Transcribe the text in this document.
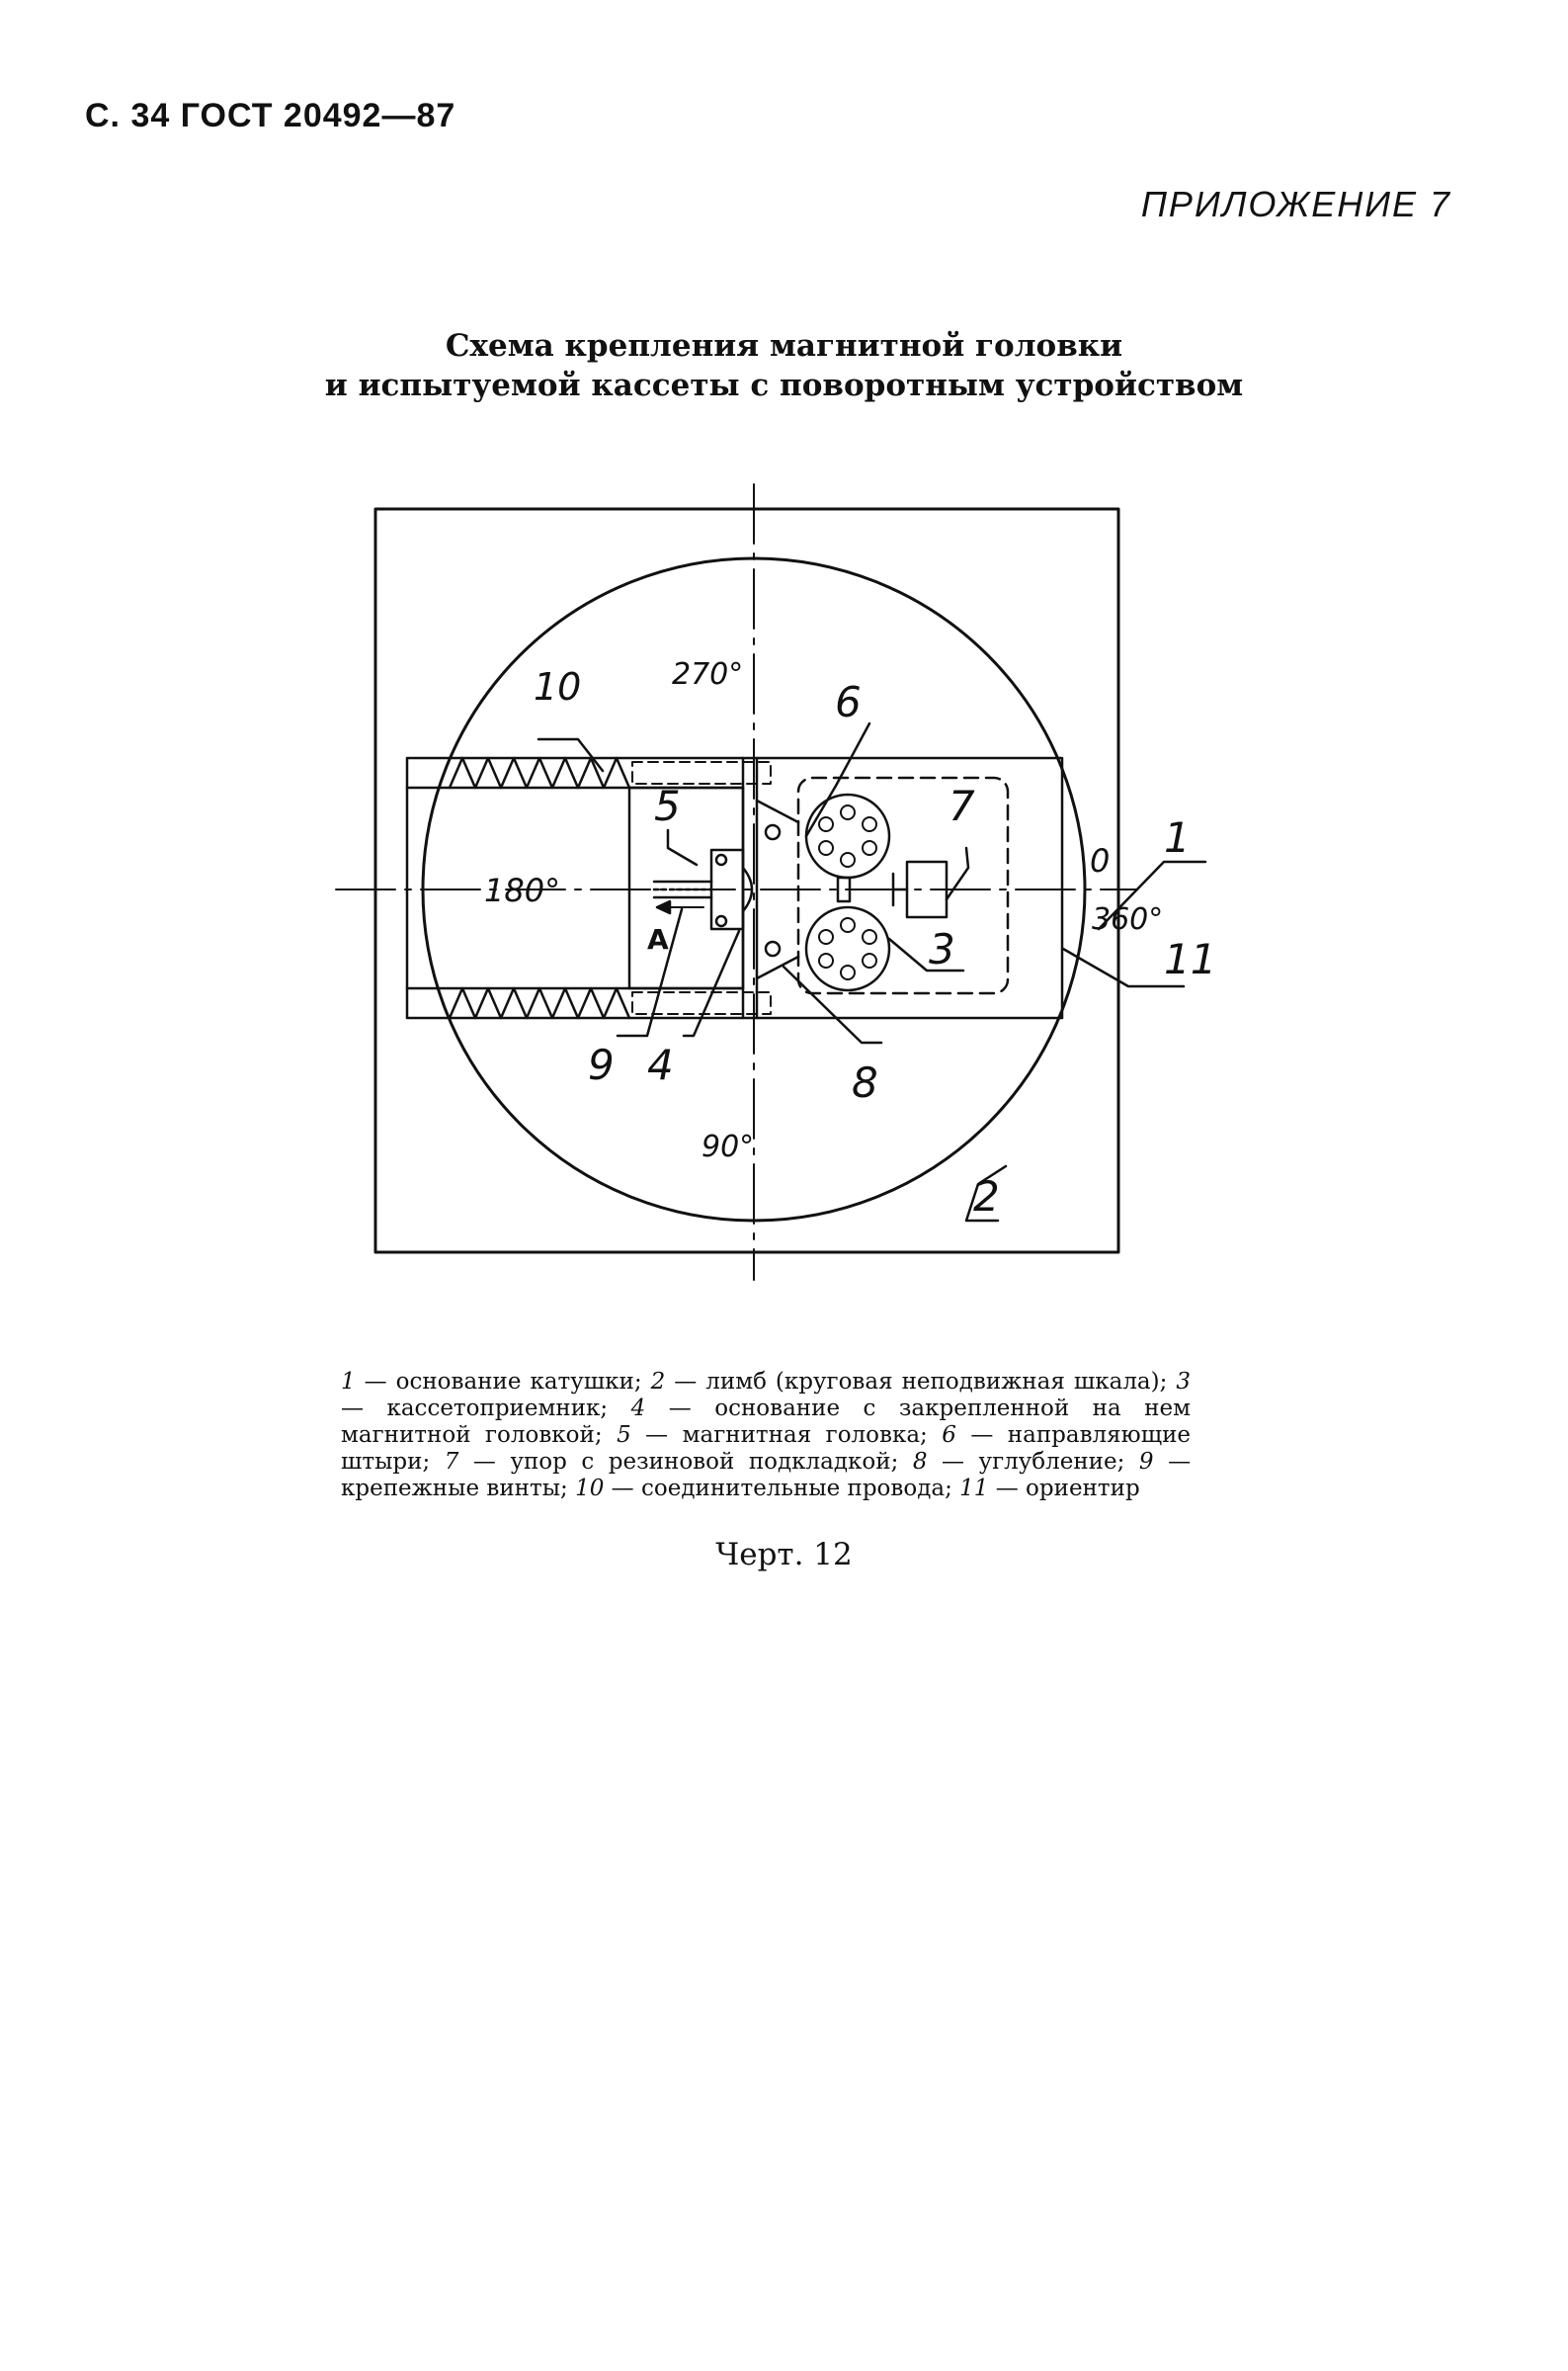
С. 34 ГОСТ 20492—87
ПРИЛОЖЕНИЕ 7
Схема крепления магнитной головки
и испытуемой кассеты с поворотным устройством
270°
180°
90°
0
360°
А
1
2
3
4
5
6
7
8
9
10
11
1 — основание катушки; 2 — лимб (круговая неподвижная шкала); 3 — кассетоприемник; 4 — основание с закрепленной на нем магнитной головкой; 5 — магнитная головка; 6 — направляющие штыри; 7 — упор с резиновой подкладкой; 8 — углубление; 9 — крепежные винты; 10 — соединительные провода; 11 — ориентир
Черт. 12
